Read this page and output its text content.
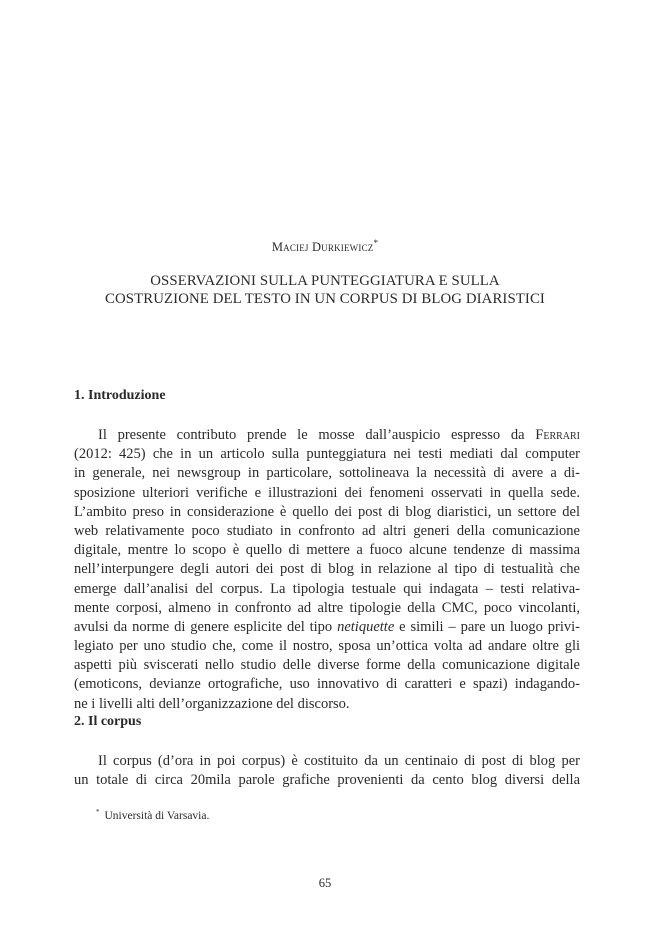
Maciej Durkiewicz*
OSSERVAZIONI SULLA PUNTEGGIATURA E SULLA
COSTRUZIONE DEL TESTO IN UN CORPUS DI BLOG DIARISTICI
1. Introduzione
Il presente contributo prende le mosse dall’auspicio espresso da Ferrari
(2012: 425) che in un articolo sulla punteggiatura nei testi mediati dal computer
in generale, nei newsgroup in particolare, sottolineava la necessità di avere a di-
sposizione ulteriori verifiche e illustrazioni dei fenomeni osservati in quella sede.
L’ambito preso in considerazione è quello dei post di blog diaristici, un settore del
web relativamente poco studiato in confronto ad altri generi della comunicazione
digitale, mentre lo scopo è quello di mettere a fuoco alcune tendenze di massima
nell’interpungere degli autori dei post di blog in relazione al tipo di testualità che
emerge dall’analisi del corpus. La tipologia testuale qui indagata – testi relativa-
mente corposi, almeno in confronto ad altre tipologie della CMC, poco vincolanti,
avulsi da norme di genere esplicite del tipo netiquette e simili – pare un luogo privi-
legiato per uno studio che, come il nostro, sposa un’ottica volta ad andare oltre gli
aspetti più sviscerati nello studio delle diverse forme della comunicazione digitale
(emoticons, devianze ortografiche, uso innovativo di caratteri e spazi) indagando-
ne i livelli alti dell’organizzazione del discorso.
2. Il corpus
Il corpus (d’ora in poi corpus) è costituito da un centinaio di post di blog per
un totale di circa 20mila parole grafiche provenienti da cento blog diversi della
* Università di Varsavia.
65
